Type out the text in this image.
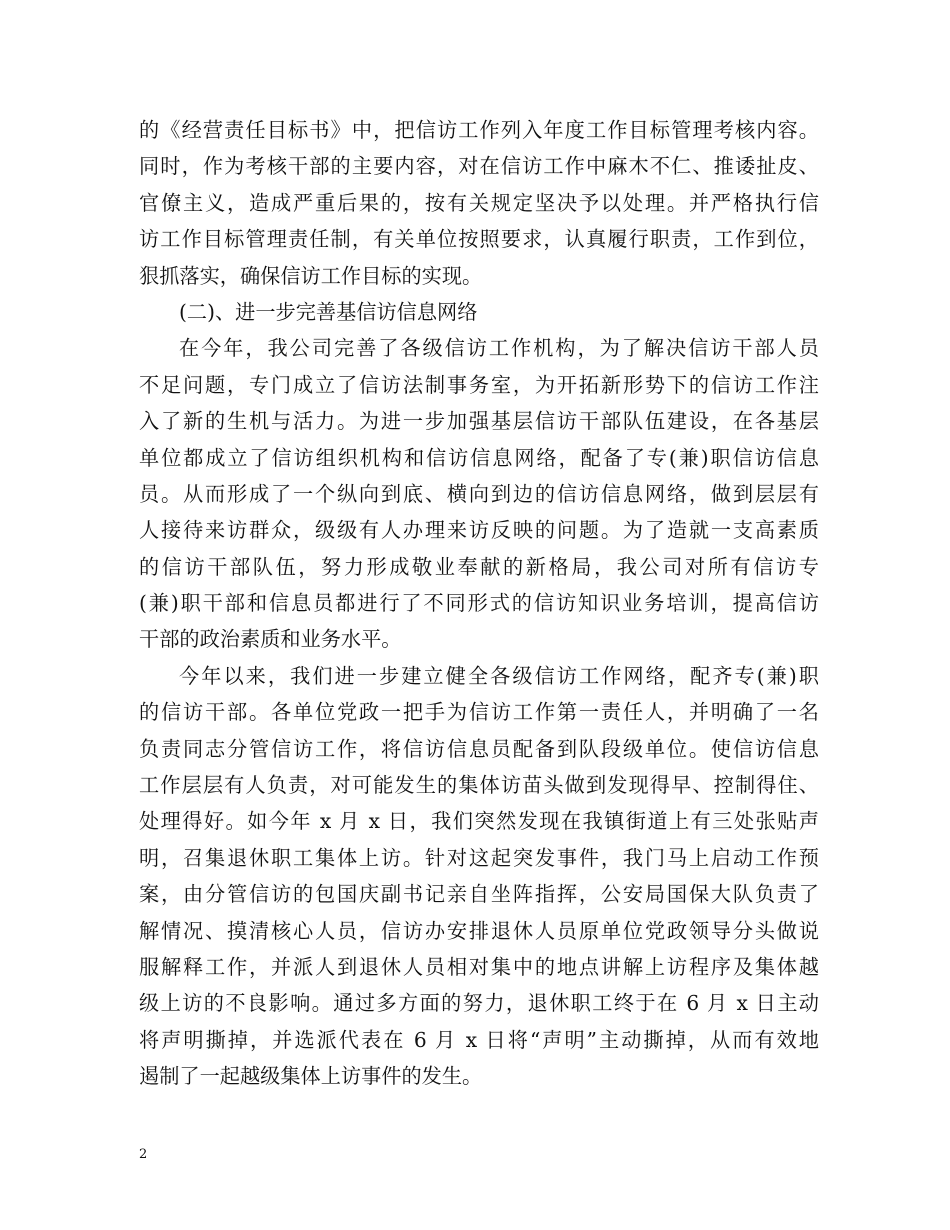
的《经营责任目标书》中，把信访工作列入年度工作目标管理考核内容。
同时，作为考核干部的主要内容，对在信访工作中麻木不仁、推诿扯皮、
官僚主义，造成严重后果的，按有关规定坚决予以处理。并严格执行信
访工作目标管理责任制，有关单位按照要求，认真履行职责，工作到位，
狠抓落实，确保信访工作目标的实现。
(二)、进一步完善基信访信息网络
在今年，我公司完善了各级信访工作机构，为了解决信访干部人员
不足问题，专门成立了信访法制事务室，为开拓新形势下的信访工作注
入了新的生机与活力。为进一步加强基层信访干部队伍建设，在各基层
单位都成立了信访组织机构和信访信息网络，配备了专(兼)职信访信息
员。从而形成了一个纵向到底、横向到边的信访信息网络，做到层层有
人接待来访群众，级级有人办理来访反映的问题。为了造就一支高素质
的信访干部队伍，努力形成敬业奉献的新格局，我公司对所有信访专
(兼)职干部和信息员都进行了不同形式的信访知识业务培训，提高信访
干部的政治素质和业务水平。
今年以来，我们进一步建立健全各级信访工作网络，配齐专(兼)职
的信访干部。各单位党政一把手为信访工作第一责任人，并明确了一名
负责同志分管信访工作，将信访信息员配备到队段级单位。使信访信息
工作层层有人负责，对可能发生的集体访苗头做到发现得早、控制得住、
处理得好。如今年 x 月 x 日，我们突然发现在我镇街道上有三处张贴声
明，召集退休职工集体上访。针对这起突发事件，我门马上启动工作预
案，由分管信访的包国庆副书记亲自坐阵指挥，公安局国保大队负责了
解情况、摸清核心人员，信访办安排退休人员原单位党政领导分头做说
服解释工作，并派人到退休人员相对集中的地点讲解上访程序及集体越
级上访的不良影响。通过多方面的努力，退休职工终于在 6 月 x 日主动
将声明撕掉，并选派代表在 6 月 x 日将“声明”主动撕掉，从而有效地
遏制了一起越级集体上访事件的发生。
2
